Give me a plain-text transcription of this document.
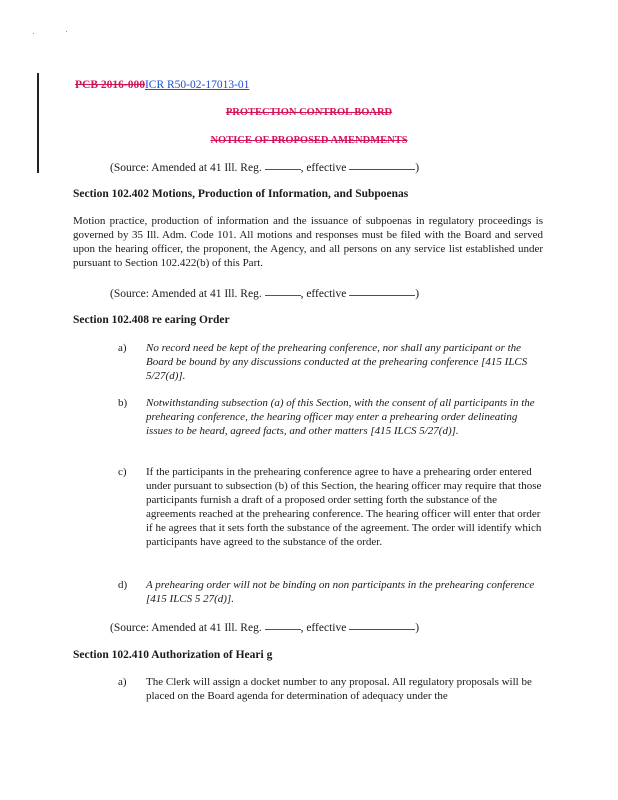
PCB 2016-000ICR R50-02-17013-01
PROTECTION CONTROL BOARD
NOTICE OF PROPOSED AMENDMENTS
(Source: Amended at 41 Ill. Reg.	, effective	)
Section 102.402 Motions, Production of Information, and Subpoenas
Motion practice, production of information and the issuance of subpoenas in regulatory proceedings is governed by 35 Ill. Adm. Code 101. All motions and responses must be filed with the Board and served upon the hearing officer, the proponent, the Agency, and all persons on any service list established under pursuant to Section 102.422(b) of this Part.
(Source: Amended at 41 Ill. Reg.	, effective	)
Section 102.408 re earing Order
a) No record need be kept of the prehearing conference, nor shall any participant or the Board be bound by any discussions conducted at the prehearing conference [415 ILCS 5/27(d)].
b) Notwithstanding subsection (a) of this Section, with the consent of all participants in the prehearing conference, the hearing officer may enter a prehearing order delineating issues to be heard, agreed facts, and other matters [415 ILCS 5/27(d)].
c) If the participants in the prehearing conference agree to have a prehearing order entered under pursuant to subsection (b) of this Section, the hearing officer may require that those participants furnish a draft of a proposed order setting forth the substance of the agreements reached at the prehearing conference. The hearing officer will enter that order if he agrees that it sets forth the substance of the agreement. The order will identify which participants have agreed to the substance of the order.
d) A prehearing order will not be binding on non participants in the prehearing conference [415 ILCS 5 27(d)].
(Source: Amended at 41 Ill. Reg.	, effective	)
Section 102.410 Authorization of Heari g
a) The Clerk will assign a docket number to any proposal. All regulatory proposals will be placed on the Board agenda for determination of adequacy under the
